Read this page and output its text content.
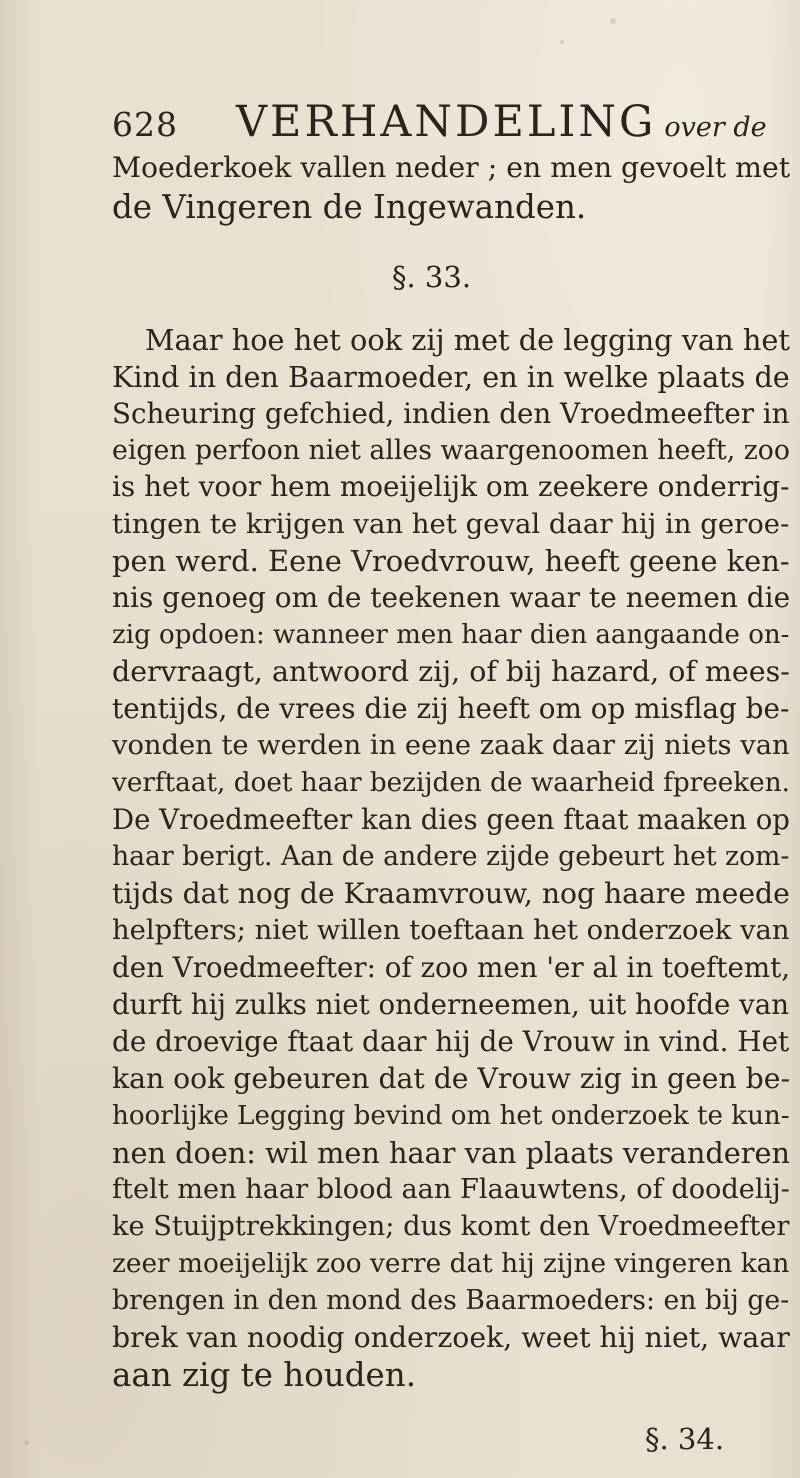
628 VERHANDELING over de
Moederkoek vallen neder ; en men gevoelt met
de Vingeren de Ingewanden.
§. 33.
Maar hoe het ook zij met de legging van het
Kind in den Baarmoeder, en in welke plaats de
Scheuring gefchied, indien den Vroedmeefter in
eigen perfoon niet alles waargenoomen heeft, zoo
is het voor hem moeijelijk om zeekere onderrig-
tingen te krijgen van het geval daar hij in geroe-
pen werd. Eene Vroedvrouw, heeft geene ken-
nis genoeg om de teekenen waar te neemen die
zig opdoen: wanneer men haar dien aangaande on-
dervraagt, antwoord zij, of bij hazard, of mees-
tentijds, de vrees die zij heeft om op misflag be-
vonden te werden in eene zaak daar zij niets van
verftaat, doet haar bezijden de waarheid fpreeken.
De Vroedmeefter kan dies geen ftaat maaken op
haar berigt. Aan de andere zijde gebeurt het zom-
tijds dat nog de Kraamvrouw, nog haare meede
helpfters; niet willen toeftaan het onderzoek van
den Vroedmeefter: of zoo men 'er al in toeftemt,
durft hij zulks niet onderneemen, uit hoofde van
de droevige ftaat daar hij de Vrouw in vind. Het
kan ook gebeuren dat de Vrouw zig in geen be-
hoorlijke Legging bevind om het onderzoek te kun-
nen doen: wil men haar van plaats veranderen
ftelt men haar blood aan Flaauwtens, of doodelij-
ke Stuijptrekkingen; dus komt den Vroedmeefter
zeer moeijelijk zoo verre dat hij zijne vingeren kan
brengen in den mond des Baarmoeders: en bij ge-
brek van noodig onderzoek, weet hij niet, waar
aan zig te houden.
§. 34.
